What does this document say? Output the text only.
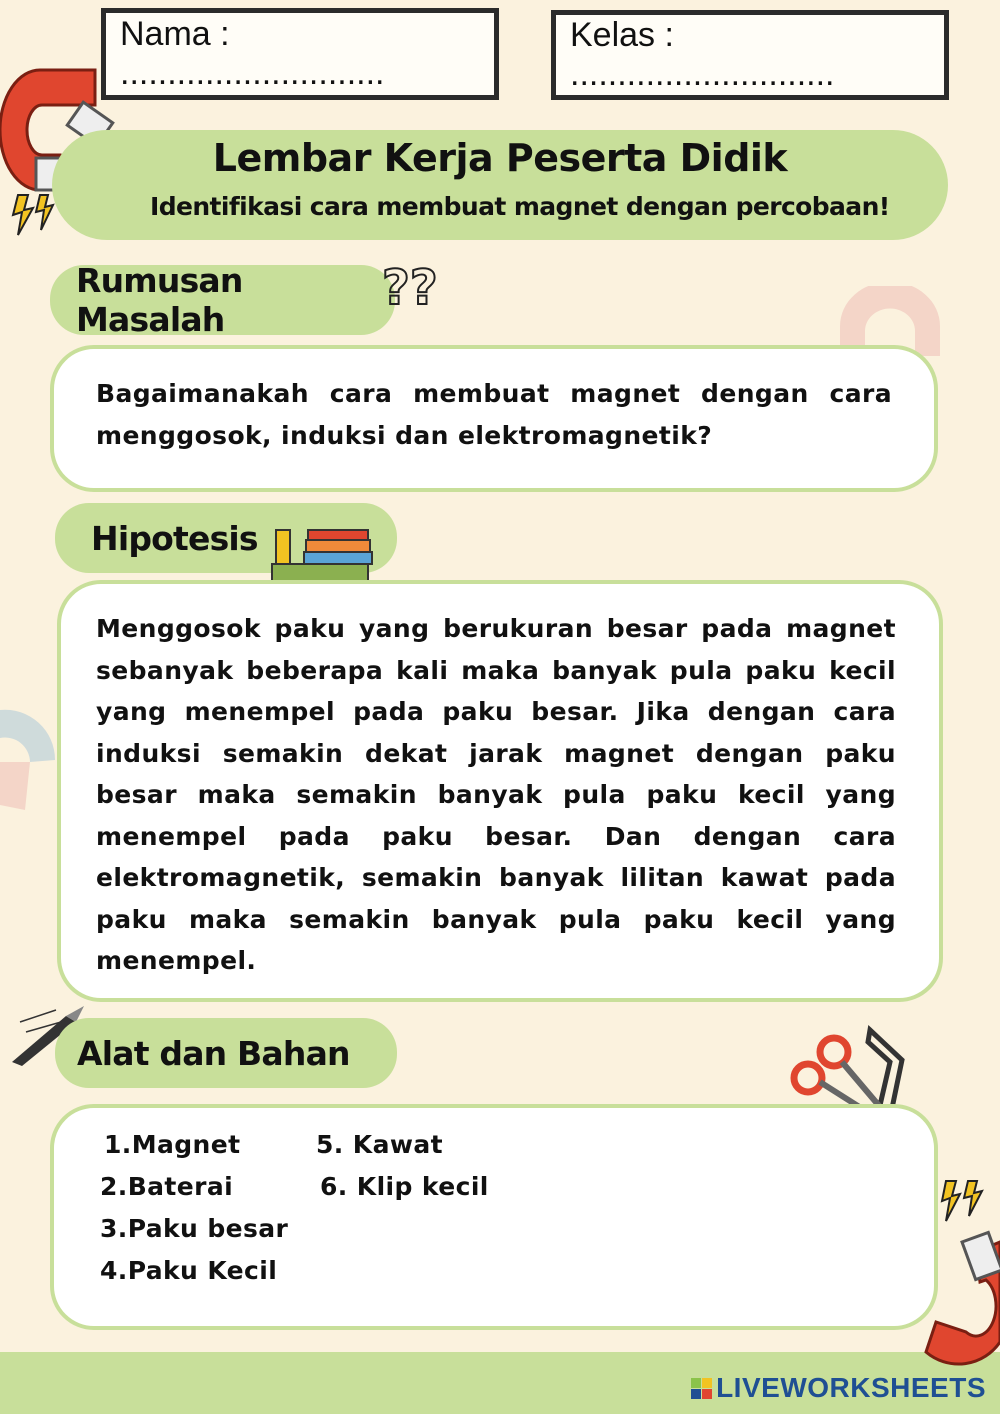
Nama : ............................
Kelas : ............................
Lembar Kerja Peserta Didik
Identifikasi cara membuat magnet dengan percobaan!
Rumusan Masalah
??
Bagaimanakah cara membuat magnet dengan cara menggosok, induksi dan elektromagnetik?
Hipotesis
Menggosok paku yang berukuran besar pada magnet sebanyak beberapa kali maka banyak pula paku kecil yang menempel pada paku besar. Jika dengan cara induksi semakin dekat jarak magnet dengan paku besar maka semakin banyak pula paku kecil yang menempel pada paku besar. Dan dengan cara elektromagnetik, semakin banyak lilitan kawat pada paku maka semakin banyak pula paku kecil yang menempel.
Alat dan Bahan
1.Magnet
2.Baterai
3.Paku besar
4.Paku Kecil
5. Kawat
6. Klip kecil
LIVEWORKSHEETS
